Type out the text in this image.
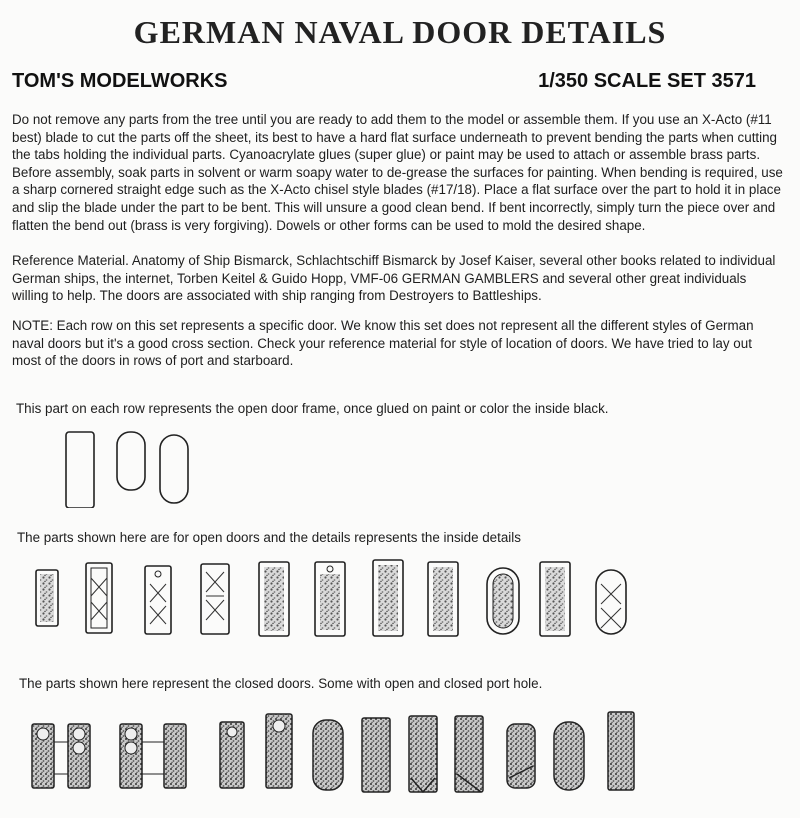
GERMAN NAVAL DOOR DETAILS
TOM'S MODELWORKS	1/350 SCALE SET 3571

Do not remove any parts from the tree until you are ready to add them to the model or assemble them. If you use an X-Acto (#11 best) blade to cut the parts off the sheet, its best to have a hard flat surface underneath to prevent bending the parts when cutting the tabs holding the individual parts. Cyanoacrylate glues (super glue) or paint may be used to attach or assemble brass parts. Before assembly, soak parts in solvent or warm soapy water to de-grease the surfaces for painting. When bending is required, use a sharp cornered straight edge such as the X-Acto chisel style blades (#17/18). Place a flat surface over the part to hold it in place and slip the blade under the part to be bent. This will unsure a good clean bend. If bent incorrectly, simply turn the piece over and flatten the bend out (brass is very forgiving). Dowels or other forms can be used to mold the desired shape.

Reference Material. Anatomy of Ship Bismarck, Schlachtschiff Bismarck by Josef Kaiser, several other books related to individual German ships, the internet, Torben Keitel & Guido Hopp, VMF-06 GERMAN GAMBLERS and several other great individuals willing to help. The doors are associated with ship ranging from Destroyers to Battleships.

NOTE: Each row on this set represents a specific door. We know this set does not represent all the different styles of German naval doors but it's a good cross section. Check your reference material for style of location of doors. We have tried to lay out most of the doors in rows of port and starboard.

This part on each row represents the open door frame, once glued on paint or color the inside black.

The parts shown here are for open doors and the details represents the inside details

The parts shown here represent the closed doors. Some with open and closed port hole.
